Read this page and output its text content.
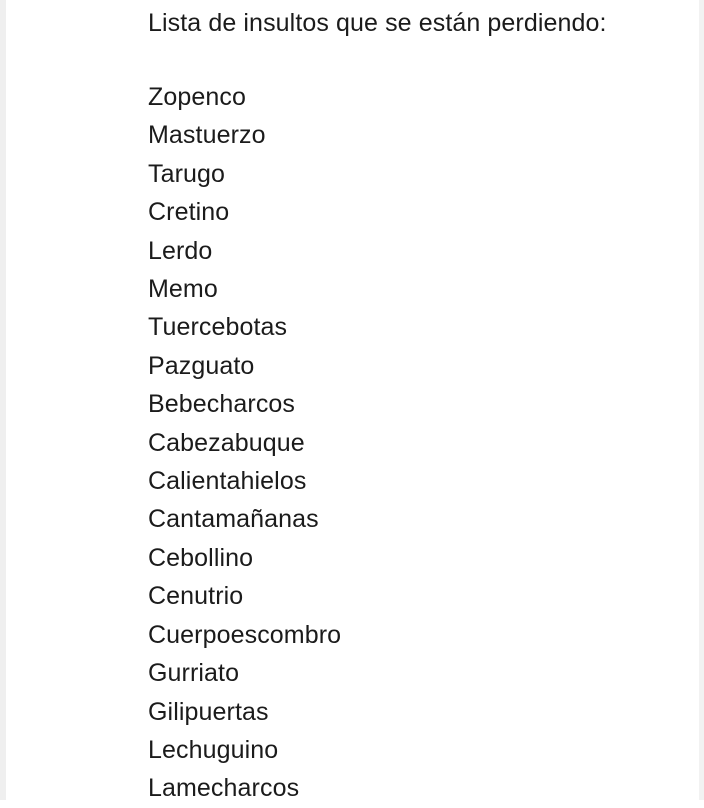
Lista de insultos que se están perdiendo:
Zopenco
Mastuerzo
Tarugo
Cretino
Lerdo
Memo
Tuercebotas
Pazguato
Bebecharcos
Cabezabuque
Calientahielos
Cantamañanas
Cebollino
Cenutrio
Cuerpoescombro
Gurriato
Gilipuertas
Lechuguino
Lamecharcos
